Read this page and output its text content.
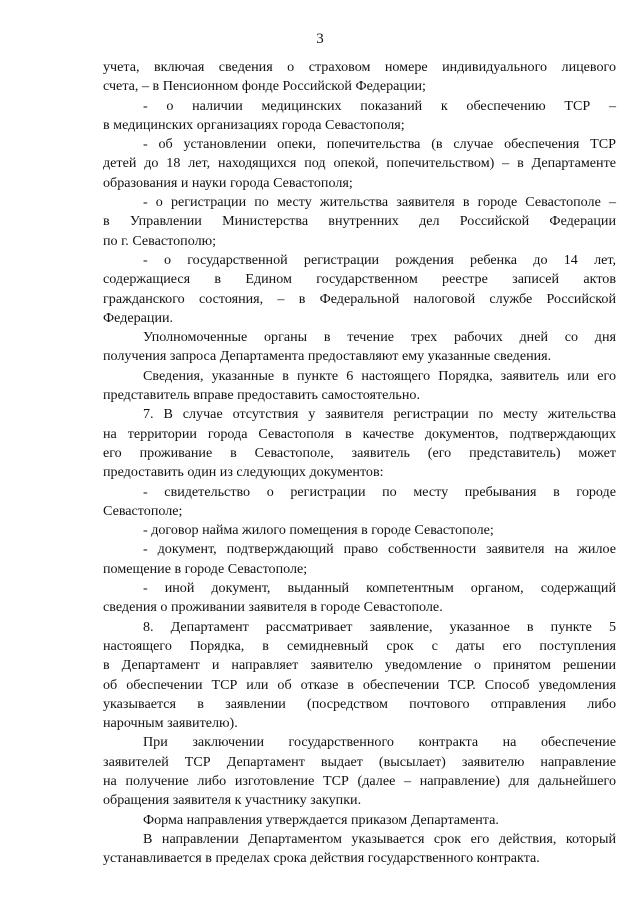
3
учета, включая сведения о страховом номере индивидуального лицевого
счета, – в Пенсионном фонде Российской Федерации;
- о наличии медицинских показаний к обеспечению ТСР –
в медицинских организациях города Севастополя;
- об установлении опеки, попечительства (в случае обеспечения ТСР
детей до 18 лет, находящихся под опекой, попечительством) – в Департаменте
образования и науки города Севастополя;
- о регистрации по месту жительства заявителя в городе Севастополе –
в Управлении Министерства внутренних дел Российской Федерации
по г. Севастополю;
- о государственной регистрации рождения ребенка до 14 лет,
содержащиеся в Едином государственном реестре записей актов
гражданского состояния, – в Федеральной налоговой службе Российской
Федерации.
Уполномоченные органы в течение трех рабочих дней со дня
получения запроса Департамента предоставляют ему указанные сведения.
Сведения, указанные в пункте 6 настоящего Порядка, заявитель или его
представитель вправе предоставить самостоятельно.
7. В случае отсутствия у заявителя регистрации по месту жительства
на территории города Севастополя в качестве документов, подтверждающих
его проживание в Севастополе, заявитель (его представитель) может
предоставить один из следующих документов:
- свидетельство о регистрации по месту пребывания в городе
Севастополе;
- договор найма жилого помещения в городе Севастополе;
- документ, подтверждающий право собственности заявителя на жилое
помещение в городе Севастополе;
- иной документ, выданный компетентным органом, содержащий
сведения о проживании заявителя в городе Севастополе.
8. Департамент рассматривает заявление, указанное в пункте 5
настоящего Порядка, в семидневный срок с даты его поступления
в Департамент и направляет заявителю уведомление о принятом решении
об обеспечении ТСР или об отказе в обеспечении ТСР. Способ уведомления
указывается в заявлении (посредством почтового отправления либо
нарочным заявителю).
При заключении государственного контракта на обеспечение
заявителей ТСР Департамент выдает (высылает) заявителю направление
на получение либо изготовление ТСР (далее – направление) для дальнейшего
обращения заявителя к участнику закупки.
Форма направления утверждается приказом Департамента.
В направлении Департаментом указывается срок его действия, который
устанавливается в пределах срока действия государственного контракта.
